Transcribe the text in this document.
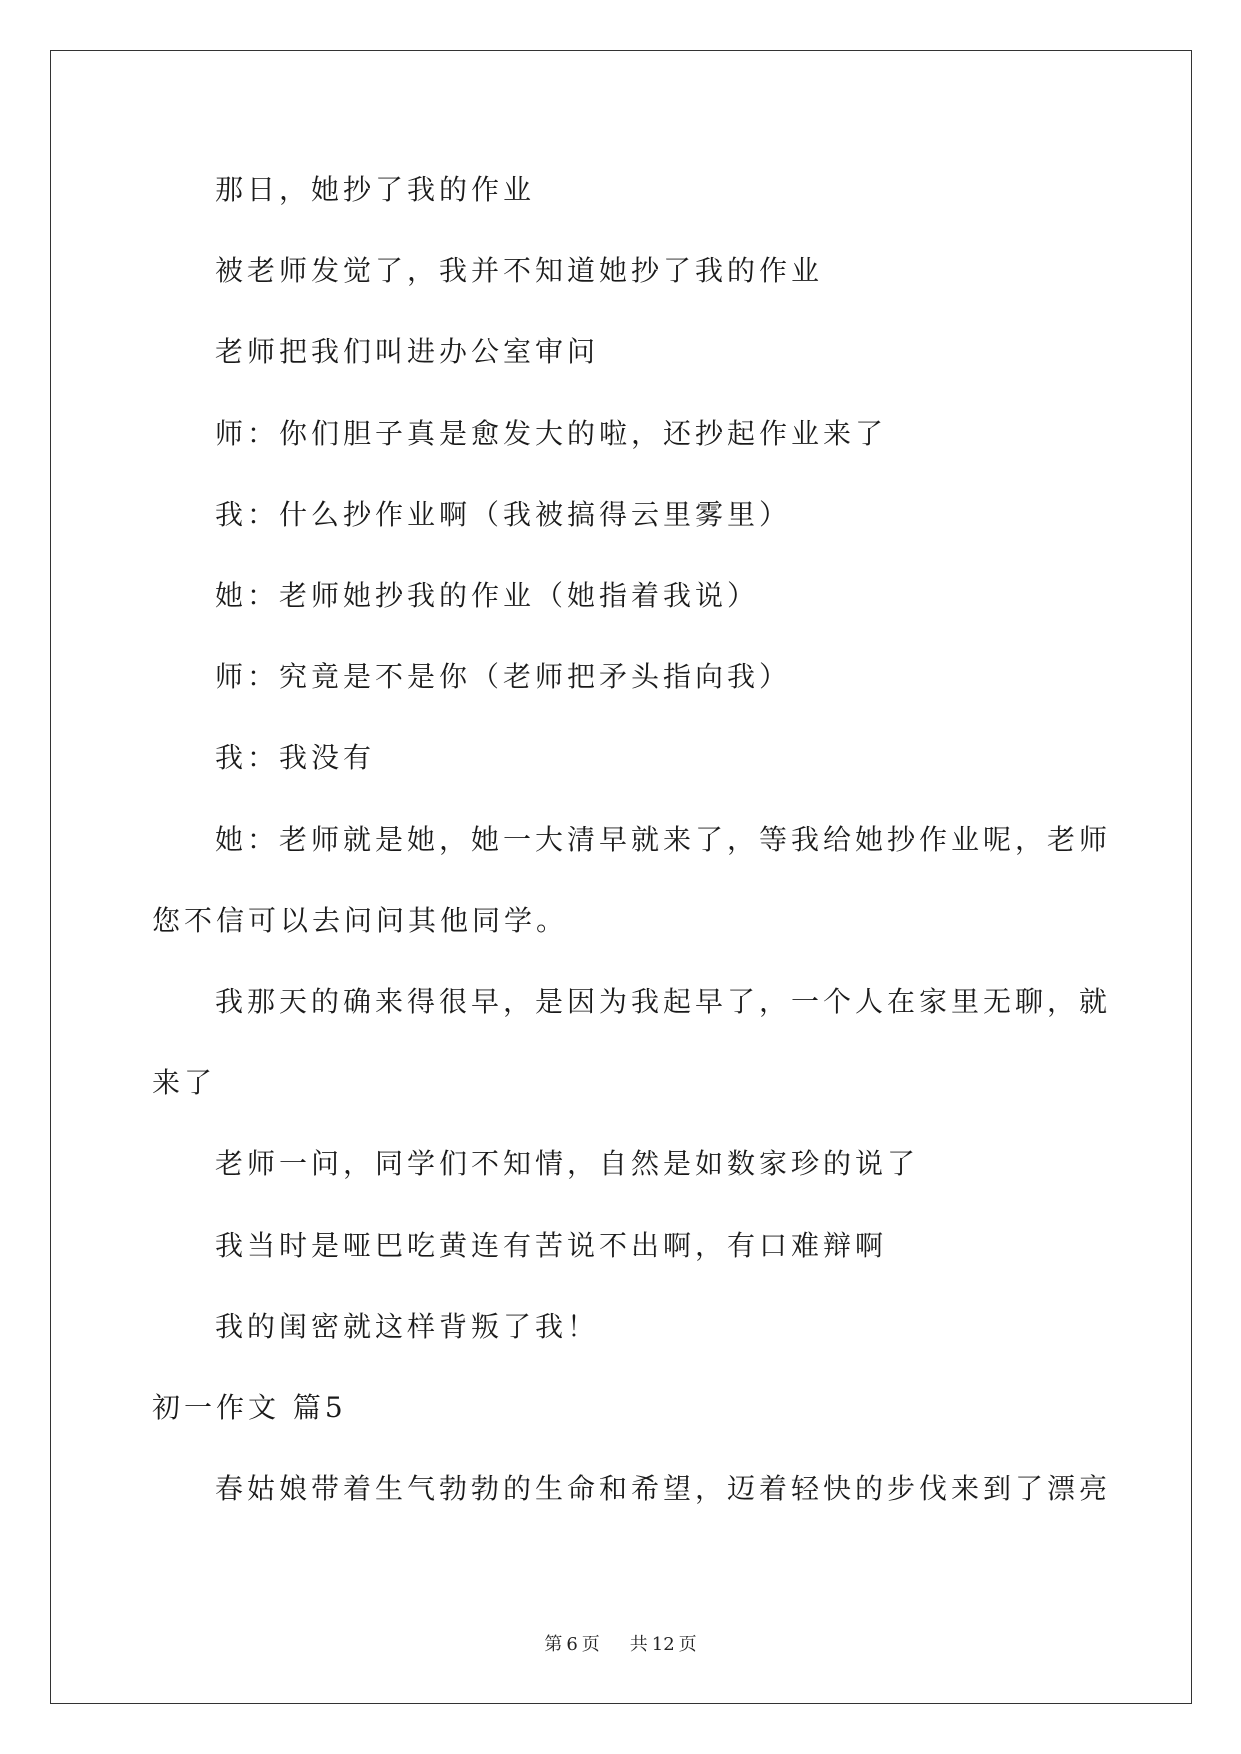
那日，她抄了我的作业
被老师发觉了，我并不知道她抄了我的作业
老师把我们叫进办公室审问
师：你们胆子真是愈发大的啦，还抄起作业来了
我：什么抄作业啊（我被搞得云里雾里）
她：老师她抄我的作业（她指着我说）
师：究竟是不是你（老师把矛头指向我）
我：我没有
她：老师就是她，她一大清早就来了，等我给她抄作业呢，老师
您不信可以去问问其他同学。
我那天的确来得很早，是因为我起早了，一个人在家里无聊，就
来了
老师一问，同学们不知情，自然是如数家珍的说了
我当时是哑巴吃黄连有苦说不出啊，有口难辩啊
我的闺密就这样背叛了我！
初一作文 篇5
春姑娘带着生气勃勃的生命和希望，迈着轻快的步伐来到了漂亮
第 6 页 共 12 页
